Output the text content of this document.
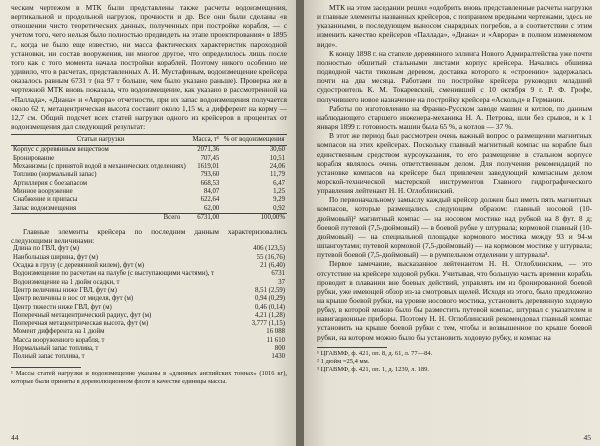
ческим чертежом в МТК были представлены также расчеты водоизмещения, вертикальной и продольной нагрузок, прочности и др. Все они были сделаны «в отношении чисто теоретических данных, полученных при постройке корабля, — с учетом того, чего нельзя было полностью предвидеть на этапе проектирования» в 1895 г., когда не было еще известно, ни масса фактических характеристик пароходной установки, ни состав вооружения, ни многое другое, что определилось лишь после того как с того момента начала постройки кораблей. Поэтому никого особенно не удивило, что в расчетах, представленных А. И. Мустафиным, водоизмещение крейсера оказалось равным 6731 т (на 97 т больше, чем было указано раньше). Проверка же в чертежной МТК вновь показала, что водоизмещение, как указано в рассмотренной на «Паллада», «Диана» и «Аврора» отчетности, при их запас водоизмещения получается около 62 т, метацентрическая высота составит около 1,15 м, а дифферент на корму — 12,7 см. Общий подсчет всех статей нагрузки одного из крейсеров в процентах от водоизмещения дал следующий результат:

Статьи нагрузки	Масса, т¹	% от водоизмещения
Корпус с деревянным веществом	2071,36	30,60
Бронирование	707,45	10,51
Механизмы (с принятой водой в механических отделениях)	1619,01	24,06
Топливо (нормальный запас)	793,60	11,79
Артиллерия с боезапасом	668,53	6,47
Минное вооружение	84,07	1,25
Снабжение и припасы	622,64	9,29
Запас водоизмещения	62,00	0,92
Всего	6731,00	100,00%

Главные элементы крейсера по последним данным характеризовались следующими величинами:

Длина по ГВЛ, фут (м)	406 (123,5)
Наибольшая ширина, фут (м)	55 (16,76)
Осадка в грузу (с деревянной килем), фут (м)	21 (6,40)
Водоизмещение по расчетам на палубе (с выступающими частями), т	6731
Водоизмещение на 1 дюйм осадки, т	37
Центр величины ниже ГВЛ, фут (м)	8,51 (2,59)
Центр величины в нос от миделя, фут (м)	0,94 (0,29)
Центр тяжести ниже ГВЛ, фут (м)	0,46 (0,14)
Поперечный метацентрический радиус, фут (м)	4,21 (1,28)
Поперечная метацентрическая высота, фут (м)	3,777 (1,15)
Момент дифферента на 1 дюйм	16 088
Масса вооруженного корабля, т	11 610
Нормальный запас топлива, т	800
Полный запас топлива, т	1430

¹ Массы статей нагрузки и водоизмещение указаны в «длинных английских тоннах» (1016 кг), которые были приняты в дореволюционном флоте в качестве единицы массы.

44

МТК на этом заседании решил «одобрить вновь представленные расчеты нагрузки и главные элементы названных крейсеров, с попранием вредными чертежами, здесь не указанными, в последующем выносом снарядных погребов, а в соответствии с этим изменить качество крейсеров «Паллада», «Диана» и «Аврора» в полном изменяемом виде».

К концу 1898 г. на стапеле деревянного эллинга Нового Адмиралтейства уже почти полностью обшитый стальными листами корпус крейсера. Начались обшивка подводной части тиковым деревом, доставка которого к «строению» задержалась почти на два месяца. Работами по постройке крейсера руководил младший судостроитель К. М. Токаревский, сменивший с 10 октября 9 г. Р. Ф. Грофе, получившего новое назначение на постройку крейсера «Аскольд» в Германии.

Работы по изготовлению на Франко-Русском заводе машин и котлов, по данным наблюдающего старшего инженера-механика Н. А. Петрова, шли без срывов, и к 1 января 1899 г. готовность машин была 65 %, а котлов — 37 %.

В этот же период был рассмотрен очень важный вопрос о размещении магнитных компасов на этих крейсерах. Поскольку главный магнитный компас на корабле был единственным средством курсоуказания, то его размещение в стальном корпусе корабля являлось очень ответственным делом. Для получения рекомендаций по установке компасов на крейсере был привлечен заведующий компасным делом морской-технической мастерской инструментов Главного гидрографического управления лейтенант Н. Н. Оглоблинский.

По первоначальному замыслу каждый крейсер должен был иметь пять магнитных компасов, которые размещались следующим образом: главный носовой (10-дюймовый)² магнитный компас — на носовом мостике над рубкой на 8 фут. 8 д; боевой путевой (7,5-дюймовый) — в боевой рубке у штурвала; кормовой главный (10-дюймовый) — на специальной площадке кормового мостика между 93 и 94-м шпангоутами; путевой кормовой (7,5-дюймовый) — на кормовом мостике у штурвала; путевой боевой (7,5-дюймовый) — в румпельном отделении у штурвала³.

Первое замечание, высказанное лейтенантом Н. Н. Оглоблинским, — это отсутствие на крейсере ходовой рубки. Учитывая, что большую часть времени корабль проводит в плавании вне боевых действий, управлять им из бронированной боевой рубки, уже имеющей обзор из-за смотровых щелей. Исходя из этого, было предложено на крыше боевой рубки, на уровне носового мостика, установить деревянную ходовую рубку, в которой можно было бы разместить путевой компас, штурвал с указателем и навигационные приборы. Поэтому Н. Н. Оглоблинский рекомендовал главный компас установить на крыше боевой рубки с тем, чтобы и возвышенное по крыше боевой рубки, на котором можно было бы установить ходовую рубку, и компас на

¹ ЦГАВМФ, ф. 421, оп. 8, д. 61, л. 77—84.

² 1 дюйм =25,4 мм.

³ ЦГАВМФ, ф. 421, оп. 1, д. 1239, л. 189.

45
